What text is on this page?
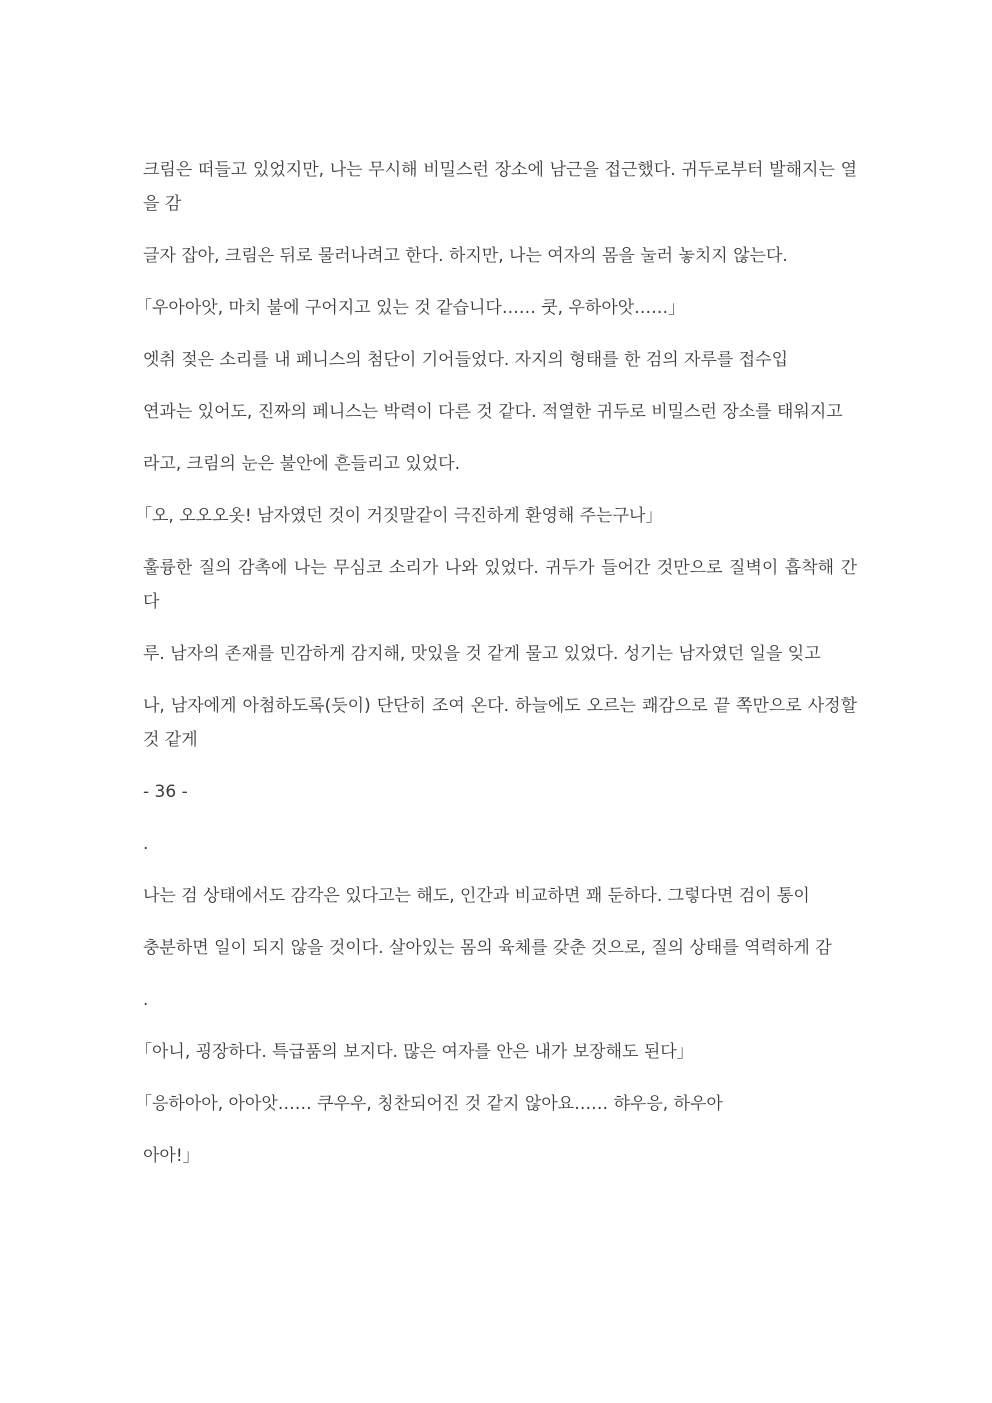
크림은 떠들고 있었지만, 나는 무시해 비밀스런 장소에 남근을 접근했다. 귀두로부터 발해지는 열을 감
글자 잡아, 크림은 뒤로 물러나려고 한다. 하지만, 나는 여자의 몸을 눌러 놓치지 않는다.
「우아아앗, 마치 불에 구어지고 있는 것 같습니다…… 쿳, 우하아앗……」
엣취 젖은 소리를 내 페니스의 첨단이 기어들었다. 자지의 형태를 한 검의 자루를 접수입
연과는 있어도, 진짜의 페니스는 박력이 다른 것 같다. 적열한 귀두로 비밀스런 장소를 태워지고
라고, 크림의 눈은 불안에 흔들리고 있었다.
「오, 오오오옷! 남자였던 것이 거짓말같이 극진하게 환영해 주는구나」
훌륭한 질의 감촉에 나는 무심코 소리가 나와 있었다. 귀두가 들어간 것만으로 질벽이 흡착해 간다
루. 남자의 존재를 민감하게 감지해, 맛있을 것 같게 물고 있었다. 성기는 남자였던 일을 잊고
나, 남자에게 아첨하도록(듯이) 단단히 조여 온다. 하늘에도 오르는 쾌감으로 끝 쪽만으로 사정할 것 같게
- 36 -
.
나는 검 상태에서도 감각은 있다고는 해도, 인간과 비교하면 꽤 둔하다. 그렇다면 검이 통이
충분하면 일이 되지 않을 것이다. 살아있는 몸의 육체를 갖춘 것으로, 질의 상태를 역력하게 감
.
「아니, 굉장하다. 특급품의 보지다. 많은 여자를 안은 내가 보장해도 된다」
「응하아아, 아아앗…… 쿠우우, 칭찬되어진 것 같지 않아요…… 햐우응, 하우아
아아!」
